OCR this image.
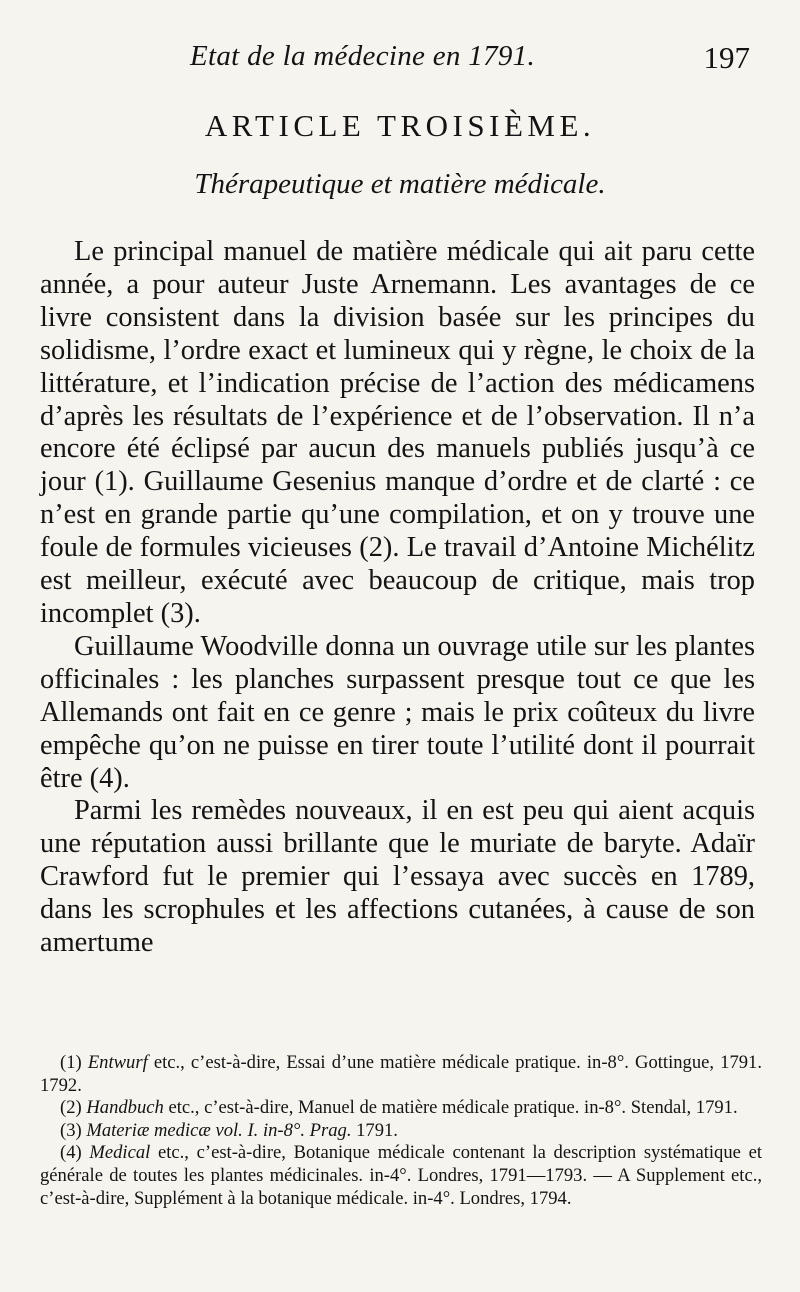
Etat de la médecine en 1791.	197
ARTICLE TROISIÈME.
Thérapeutique et matière médicale.

Le principal manuel de matière médicale qui ait paru cette année, a pour auteur Juste Arnemann. Les avantages de ce livre consistent dans la division basée sur les principes du solidisme, l’ordre exact et lumineux qui y règne, le choix de la littérature, et l’indication précise de l’action des médicamens d’après les résultats de l’expérience et de l’observation. Il n’a encore été éclipsé par aucun des manuels publiés jusqu’à ce jour (1). Guillaume Gesenius manque d’ordre et de clarté : ce n’est en grande partie qu’une compilation, et on y trouve une foule de formules vicieuses (2). Le travail d’Antoine Michélitz est meilleur, exécuté avec beaucoup de critique, mais trop incomplet (3).

Guillaume Woodville donna un ouvrage utile sur les plantes officinales : les planches surpassent presque tout ce que les Allemands ont fait en ce genre ; mais le prix coûteux du livre empêche qu’on ne puisse en tirer toute l’utilité dont il pourrait être (4).

Parmi les remèdes nouveaux, il en est peu qui aient acquis une réputation aussi brillante que le muriate de baryte. Adaïr Crawford fut le premier qui l’essaya avec succès en 1789, dans les scrophules et les affections cutanées, à cause de son amertume

(1) Entwurf etc., c’est-à-dire, Essai d’une matière médicale pratique. in-8°. Gottingue, 1791. 1792.

(2) Handbuch etc., c’est-à-dire, Manuel de matière médicale pratique. in-8°. Stendal, 1791.

(3) Materiæ medicæ vol. I. in-8°. Prag. 1791.

(4) Medical etc., c’est-à-dire, Botanique médicale contenant la description systématique et générale de toutes les plantes médicinales. in-4°. Londres, 1791—1793. — A Supplement etc., c’est-à-dire, Supplément à la botanique médicale. in-4°. Londres, 1794.
